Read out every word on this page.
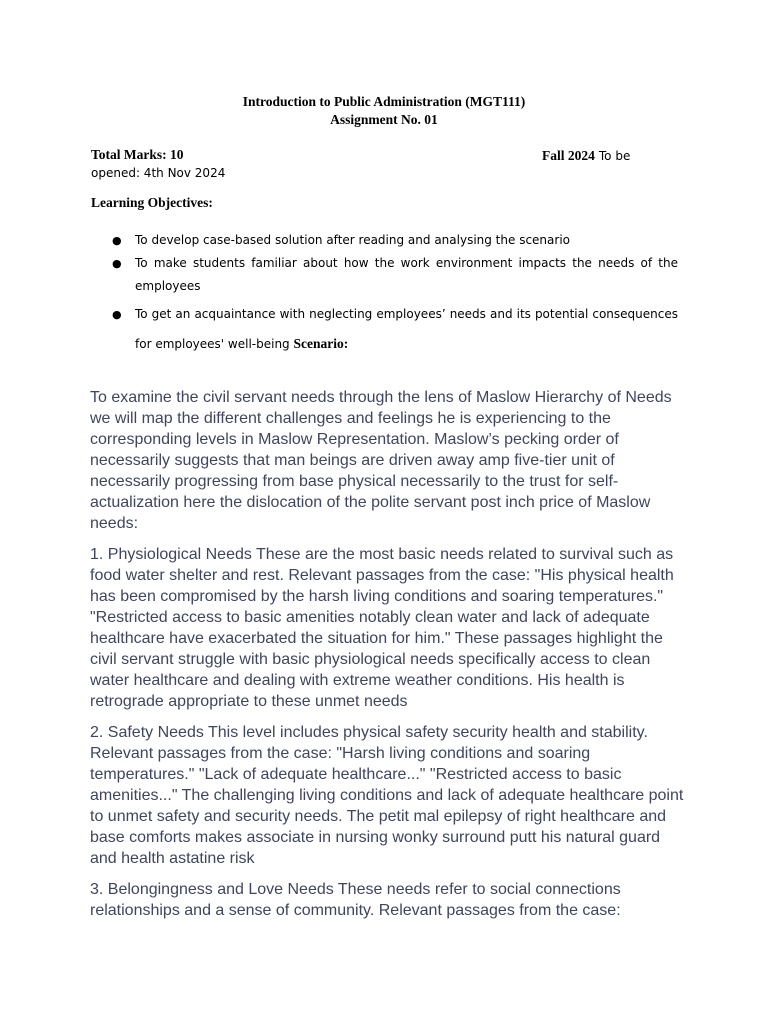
Introduction to Public Administration (MGT111)
Assignment No. 01
Total Marks: 10	Fall 2024 To be
opened: 4th Nov 2024
Learning Objectives:
● To develop case-based solution after reading and analysing the scenario
● To make students familiar about how the work environment impacts the needs of the employees
● To get an acquaintance with neglecting employees’ needs and its potential consequences for employees' well-being Scenario:
To examine the civil servant needs through the lens of Maslow Hierarchy of Needs we will map the different challenges and feelings he is experiencing to the corresponding levels in Maslow Representation. Maslow’s pecking order of necessarily suggests that man beings are driven away amp five-tier unit of necessarily progressing from base physical necessarily to the trust for self-actualization here the dislocation of the polite servant post inch price of Maslow needs:
1. Physiological Needs These are the most basic needs related to survival such as food water shelter and rest. Relevant passages from the case: "His physical health has been compromised by the harsh living conditions and soaring temperatures." "Restricted access to basic amenities notably clean water and lack of adequate healthcare have exacerbated the situation for him." These passages highlight the civil servant struggle with basic physiological needs specifically access to clean water healthcare and dealing with extreme weather conditions. His health is retrograde appropriate to these unmet needs
2. Safety Needs This level includes physical safety security health and stability. Relevant passages from the case: "Harsh living conditions and soaring temperatures." "Lack of adequate healthcare..." "Restricted access to basic amenities..." The challenging living conditions and lack of adequate healthcare point to unmet safety and security needs. The petit mal epilepsy of right healthcare and base comforts makes associate in nursing wonky surround putt his natural guard and health astatine risk
3. Belongingness and Love Needs These needs refer to social connections relationships and a sense of community. Relevant passages from the case:
